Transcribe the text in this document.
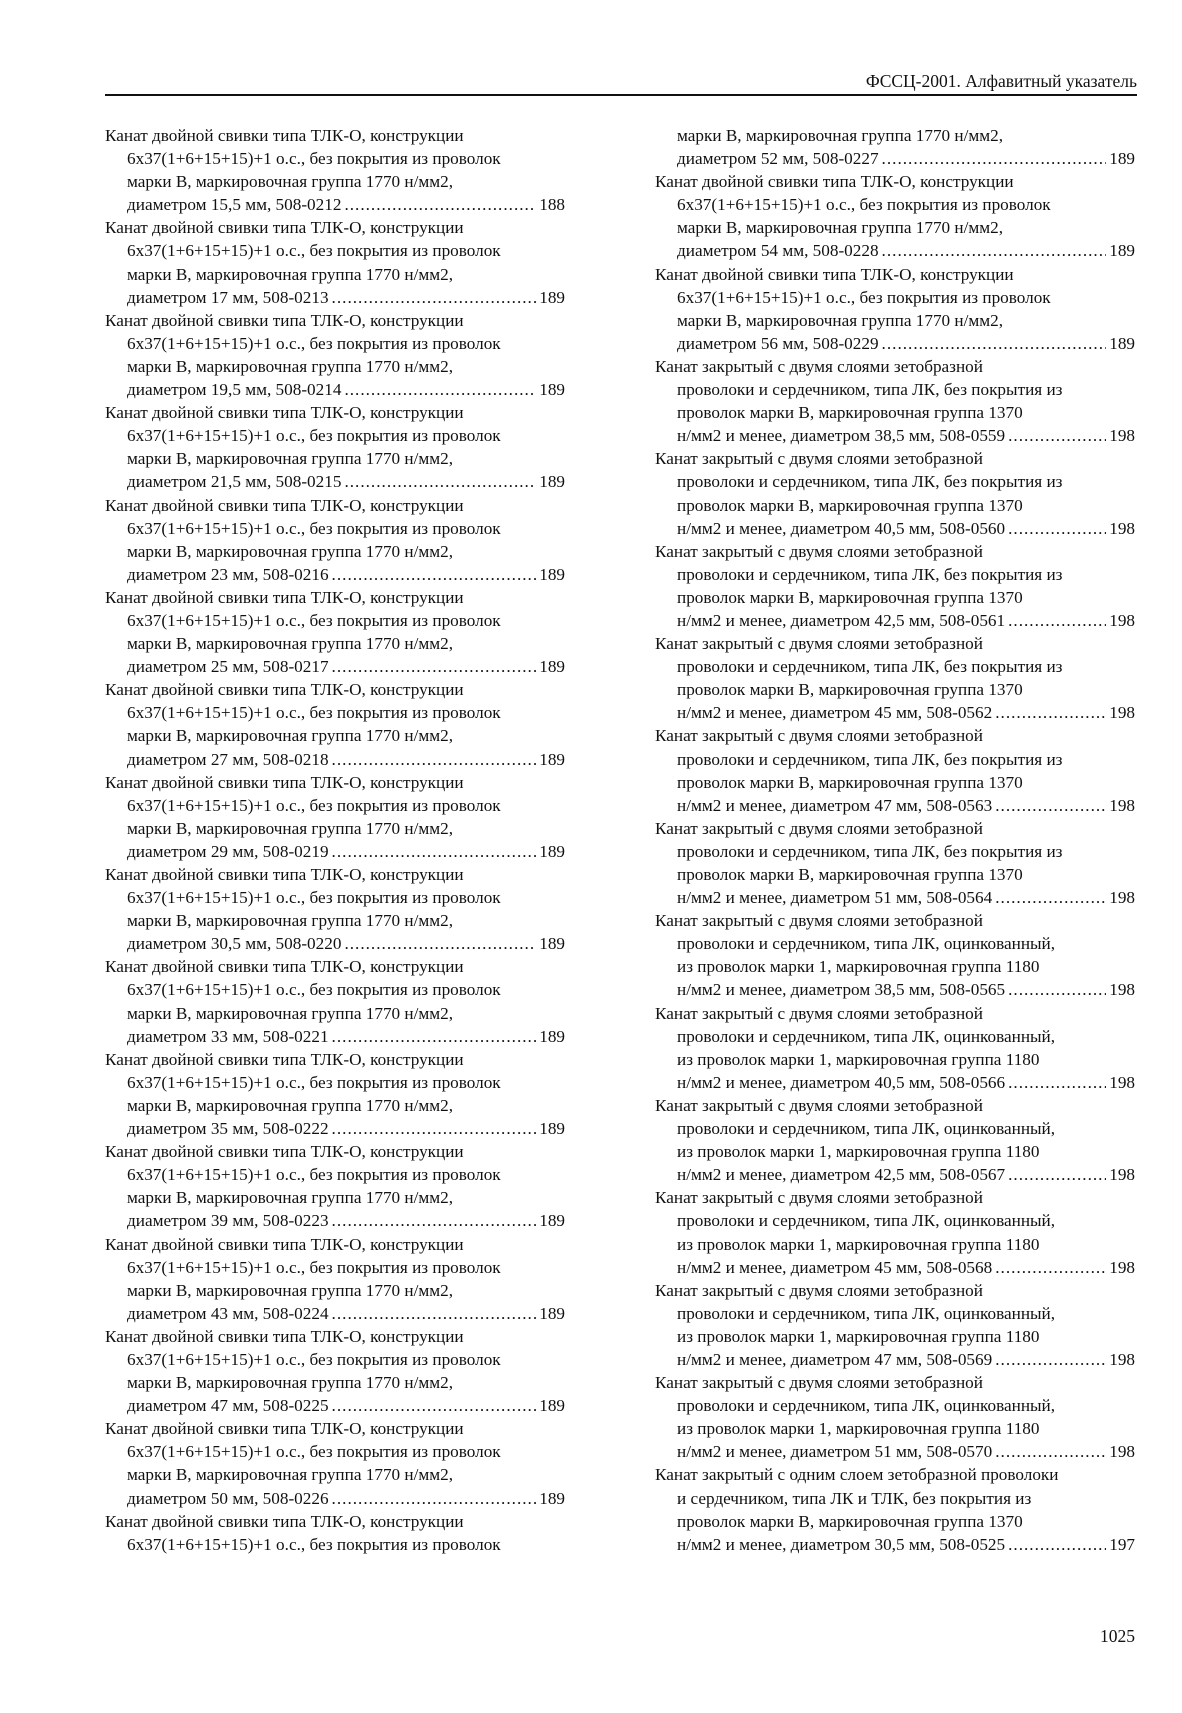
ФССЦ-2001. Алфавитный указатель
Канат двойной свивки типа ТЛК-О, конструкции
6х37(1+6+15+15)+1 о.с., без покрытия из проволок
марки В, маркировочная группа 1770 н/мм2,
диаметром 15,5 мм, 508-0212 .....	188
Канат двойной свивки типа ТЛК-О, конструкции
6х37(1+6+15+15)+1 о.с., без покрытия из проволок
марки В, маркировочная группа 1770 н/мм2,
диаметром 17 мм, 508-0213 .....	189
Канат двойной свивки типа ТЛК-О, конструкции
6х37(1+6+15+15)+1 о.с., без покрытия из проволок
марки В, маркировочная группа 1770 н/мм2,
диаметром 19,5 мм, 508-0214 .....	189
Канат двойной свивки типа ТЛК-О, конструкции
6х37(1+6+15+15)+1 о.с., без покрытия из проволок
марки В, маркировочная группа 1770 н/мм2,
диаметром 21,5 мм, 508-0215 .....	189
Канат двойной свивки типа ТЛК-О, конструкции
6х37(1+6+15+15)+1 о.с., без покрытия из проволок
марки В, маркировочная группа 1770 н/мм2,
диаметром 23 мм, 508-0216 .....	189
Канат двойной свивки типа ТЛК-О, конструкции
6х37(1+6+15+15)+1 о.с., без покрытия из проволок
марки В, маркировочная группа 1770 н/мм2,
диаметром 25 мм, 508-0217 .....	189
Канат двойной свивки типа ТЛК-О, конструкции
6х37(1+6+15+15)+1 о.с., без покрытия из проволок
марки В, маркировочная группа 1770 н/мм2,
диаметром 27 мм, 508-0218 .....	189
Канат двойной свивки типа ТЛК-О, конструкции
6х37(1+6+15+15)+1 о.с., без покрытия из проволок
марки В, маркировочная группа 1770 н/мм2,
диаметром 29 мм, 508-0219 .....	189
Канат двойной свивки типа ТЛК-О, конструкции
6х37(1+6+15+15)+1 о.с., без покрытия из проволок
марки В, маркировочная группа 1770 н/мм2,
диаметром 30,5 мм, 508-0220 .....	189
Канат двойной свивки типа ТЛК-О, конструкции
6х37(1+6+15+15)+1 о.с., без покрытия из проволок
марки В, маркировочная группа 1770 н/мм2,
диаметром 33 мм, 508-0221 .....	189
Канат двойной свивки типа ТЛК-О, конструкции
6х37(1+6+15+15)+1 о.с., без покрытия из проволок
марки В, маркировочная группа 1770 н/мм2,
диаметром 35 мм, 508-0222 .....	189
Канат двойной свивки типа ТЛК-О, конструкции
6х37(1+6+15+15)+1 о.с., без покрытия из проволок
марки В, маркировочная группа 1770 н/мм2,
диаметром 39 мм, 508-0223 .....	189
Канат двойной свивки типа ТЛК-О, конструкции
6х37(1+6+15+15)+1 о.с., без покрытия из проволок
марки В, маркировочная группа 1770 н/мм2,
диаметром 43 мм, 508-0224 .....	189
Канат двойной свивки типа ТЛК-О, конструкции
6х37(1+6+15+15)+1 о.с., без покрытия из проволок
марки В, маркировочная группа 1770 н/мм2,
диаметром 47 мм, 508-0225 .....	189
Канат двойной свивки типа ТЛК-О, конструкции
6х37(1+6+15+15)+1 о.с., без покрытия из проволок
марки В, маркировочная группа 1770 н/мм2,
диаметром 50 мм, 508-0226 .....	189
Канат двойной свивки типа ТЛК-О, конструкции
6х37(1+6+15+15)+1 о.с., без покрытия из проволок
марки В, маркировочная группа 1770 н/мм2,
диаметром 52 мм, 508-0227 .....	189
Канат двойной свивки типа ТЛК-О, конструкции
6х37(1+6+15+15)+1 о.с., без покрытия из проволок
марки В, маркировочная группа 1770 н/мм2,
диаметром 54 мм, 508-0228 .....	189
Канат двойной свивки типа ТЛК-О, конструкции
6х37(1+6+15+15)+1 о.с., без покрытия из проволок
марки В, маркировочная группа 1770 н/мм2,
диаметром 56 мм, 508-0229 .....	189
Канат закрытый с двумя слоями зетобразной
проволоки и сердечником, типа ЛК, без покрытия из
проволок марки В, маркировочная группа 1370
н/мм2 и менее, диаметром 38,5 мм, 508-0559 .....	198
Канат закрытый с двумя слоями зетобразной
проволоки и сердечником, типа ЛК, без покрытия из
проволок марки В, маркировочная группа 1370
н/мм2 и менее, диаметром 40,5 мм, 508-0560 .....	198
Канат закрытый с двумя слоями зетобразной
проволоки и сердечником, типа ЛК, без покрытия из
проволок марки В, маркировочная группа 1370
н/мм2 и менее, диаметром 42,5 мм, 508-0561 .....	198
Канат закрытый с двумя слоями зетобразной
проволоки и сердечником, типа ЛК, без покрытия из
проволок марки В, маркировочная группа 1370
н/мм2 и менее, диаметром 45 мм, 508-0562 .....	198
Канат закрытый с двумя слоями зетобразной
проволоки и сердечником, типа ЛК, без покрытия из
проволок марки В, маркировочная группа 1370
н/мм2 и менее, диаметром 47 мм, 508-0563 .....	198
Канат закрытый с двумя слоями зетобразной
проволоки и сердечником, типа ЛК, без покрытия из
проволок марки В, маркировочная группа 1370
н/мм2 и менее, диаметром 51 мм, 508-0564 .....	198
Канат закрытый с двумя слоями зетобразной
проволоки и сердечником, типа ЛК, оцинкованный,
из проволок марки 1, маркировочная группа 1180
н/мм2 и менее, диаметром 38,5 мм, 508-0565 .....	198
Канат закрытый с двумя слоями зетобразной
проволоки и сердечником, типа ЛК, оцинкованный,
из проволок марки 1, маркировочная группа 1180
н/мм2 и менее, диаметром 40,5 мм, 508-0566 .....	198
Канат закрытый с двумя слоями зетобразной
проволоки и сердечником, типа ЛК, оцинкованный,
из проволок марки 1, маркировочная группа 1180
н/мм2 и менее, диаметром 42,5 мм, 508-0567 .....	198
Канат закрытый с двумя слоями зетобразной
проволоки и сердечником, типа ЛК, оцинкованный,
из проволок марки 1, маркировочная группа 1180
н/мм2 и менее, диаметром 45 мм, 508-0568 .....	198
Канат закрытый с двумя слоями зетобразной
проволоки и сердечником, типа ЛК, оцинкованный,
из проволок марки 1, маркировочная группа 1180
н/мм2 и менее, диаметром 47 мм, 508-0569 .....	198
Канат закрытый с двумя слоями зетобразной
проволоки и сердечником, типа ЛК, оцинкованный,
из проволок марки 1, маркировочная группа 1180
н/мм2 и менее, диаметром 51 мм, 508-0570 .....	198
Канат закрытый с одним слоем зетобразной проволоки
и сердечником, типа ЛК и ТЛК, без покрытия из
проволок марки В, маркировочная группа 1370
н/мм2 и менее, диаметром 30,5 мм, 508-0525 .....	197
1025
